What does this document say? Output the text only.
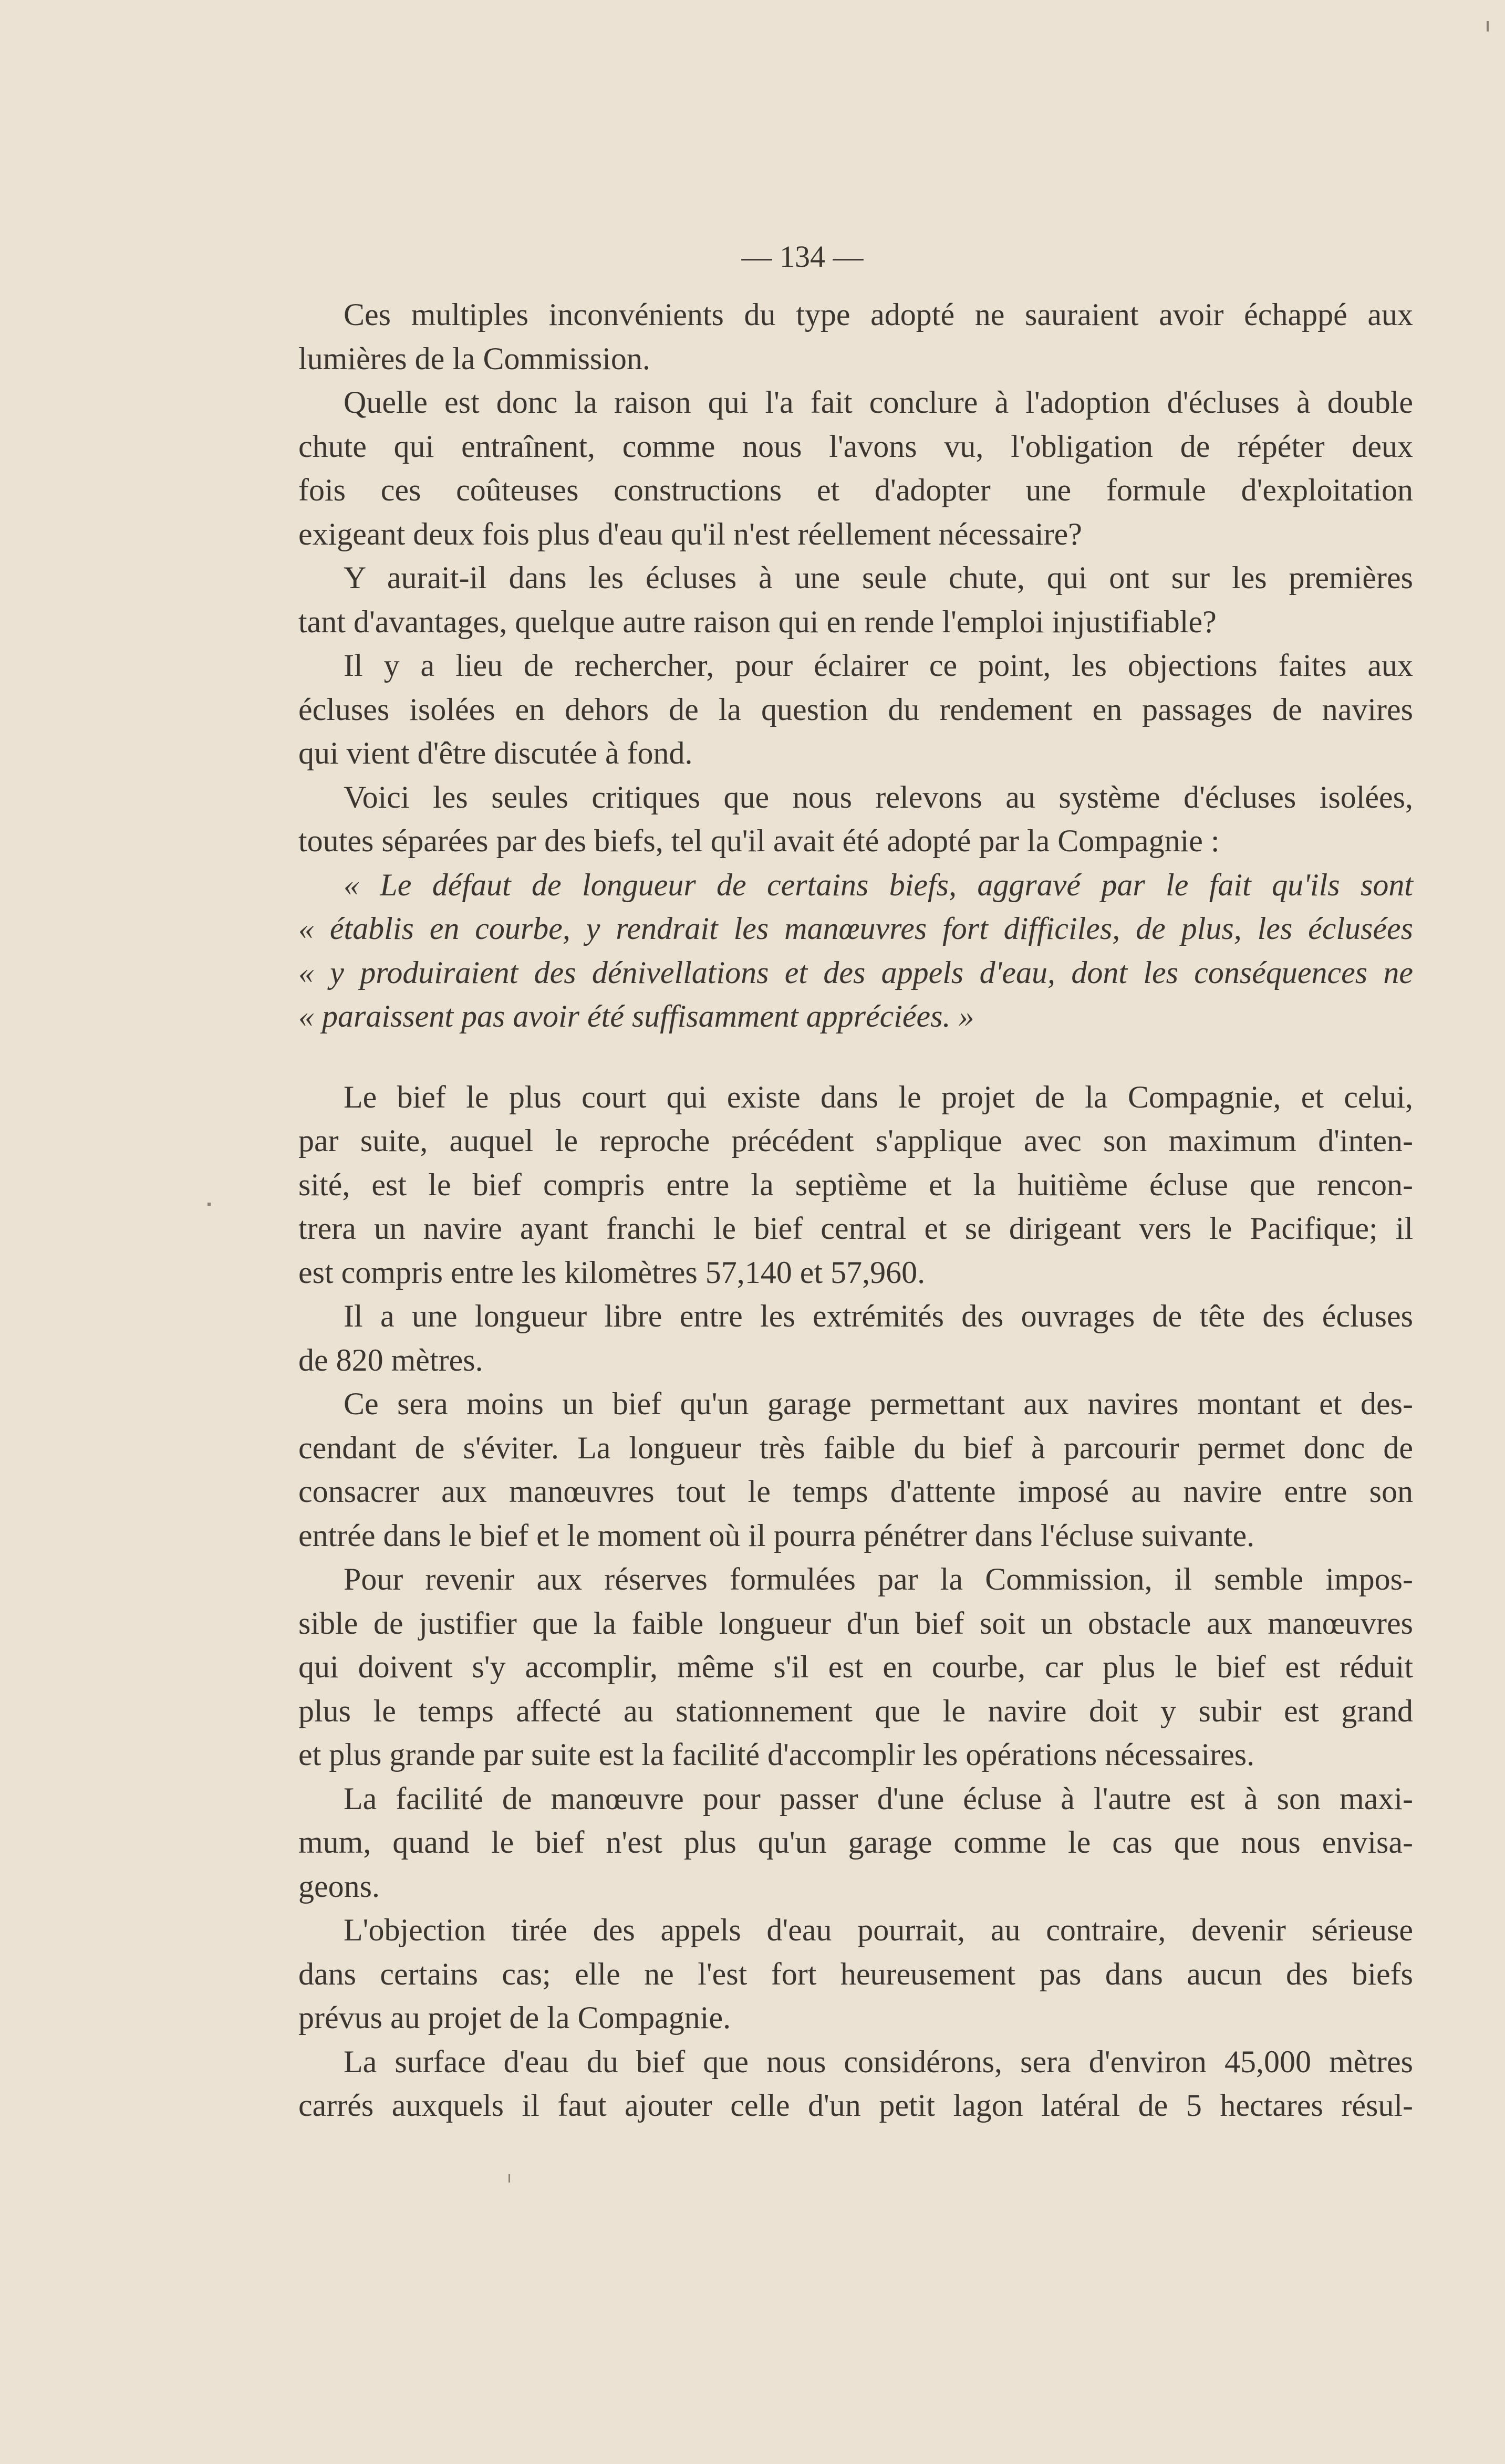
— 134 —
Ces multiples inconvénients du type adopté ne sauraient avoir échappé aux
lumières de la Commission.
Quelle est donc la raison qui l'a fait conclure à l'adoption d'écluses à double
chute qui entraînent, comme nous l'avons vu, l'obligation de répéter deux
fois ces coûteuses constructions et d'adopter une formule d'exploitation
exigeant deux fois plus d'eau qu'il n'est réellement nécessaire?
Y aurait-il dans les écluses à une seule chute, qui ont sur les premières
tant d'avantages, quelque autre raison qui en rende l'emploi injustifiable?
Il y a lieu de rechercher, pour éclairer ce point, les objections faites aux
écluses isolées en dehors de la question du rendement en passages de navires
qui vient d'être discutée à fond.
Voici les seules critiques que nous relevons au système d'écluses isolées,
toutes séparées par des biefs, tel qu'il avait été adopté par la Compagnie :
« Le défaut de longueur de certains biefs, aggravé par le fait qu'ils sont
« établis en courbe, y rendrait les manœuvres fort difficiles, de plus, les éclusées
« y produiraient des dénivellations et des appels d'eau, dont les conséquences ne
« paraissent pas avoir été suffisamment appréciées. »
Le bief le plus court qui existe dans le projet de la Compagnie, et celui,
par suite, auquel le reproche précédent s'applique avec son maximum d'inten-
sité, est le bief compris entre la septième et la huitième écluse que rencon-
trera un navire ayant franchi le bief central et se dirigeant vers le Pacifique; il
est compris entre les kilomètres 57,140 et 57,960.
Il a une longueur libre entre les extrémités des ouvrages de tête des écluses
de 820 mètres.
Ce sera moins un bief qu'un garage permettant aux navires montant et des-
cendant de s'éviter. La longueur très faible du bief à parcourir permet donc de
consacrer aux manœuvres tout le temps d'attente imposé au navire entre son
entrée dans le bief et le moment où il pourra pénétrer dans l'écluse suivante.
Pour revenir aux réserves formulées par la Commission, il semble impos-
sible de justifier que la faible longueur d'un bief soit un obstacle aux manœuvres
qui doivent s'y accomplir, même s'il est en courbe, car plus le bief est réduit
plus le temps affecté au stationnement que le navire doit y subir est grand
et plus grande par suite est la facilité d'accomplir les opérations nécessaires.
La facilité de manœuvre pour passer d'une écluse à l'autre est à son maxi-
mum, quand le bief n'est plus qu'un garage comme le cas que nous envisa-
geons.
L'objection tirée des appels d'eau pourrait, au contraire, devenir sérieuse
dans certains cas; elle ne l'est fort heureusement pas dans aucun des biefs
prévus au projet de la Compagnie.
La surface d'eau du bief que nous considérons, sera d'environ 45,000 mètres
carrés auxquels il faut ajouter celle d'un petit lagon latéral de 5 hectares résul-
